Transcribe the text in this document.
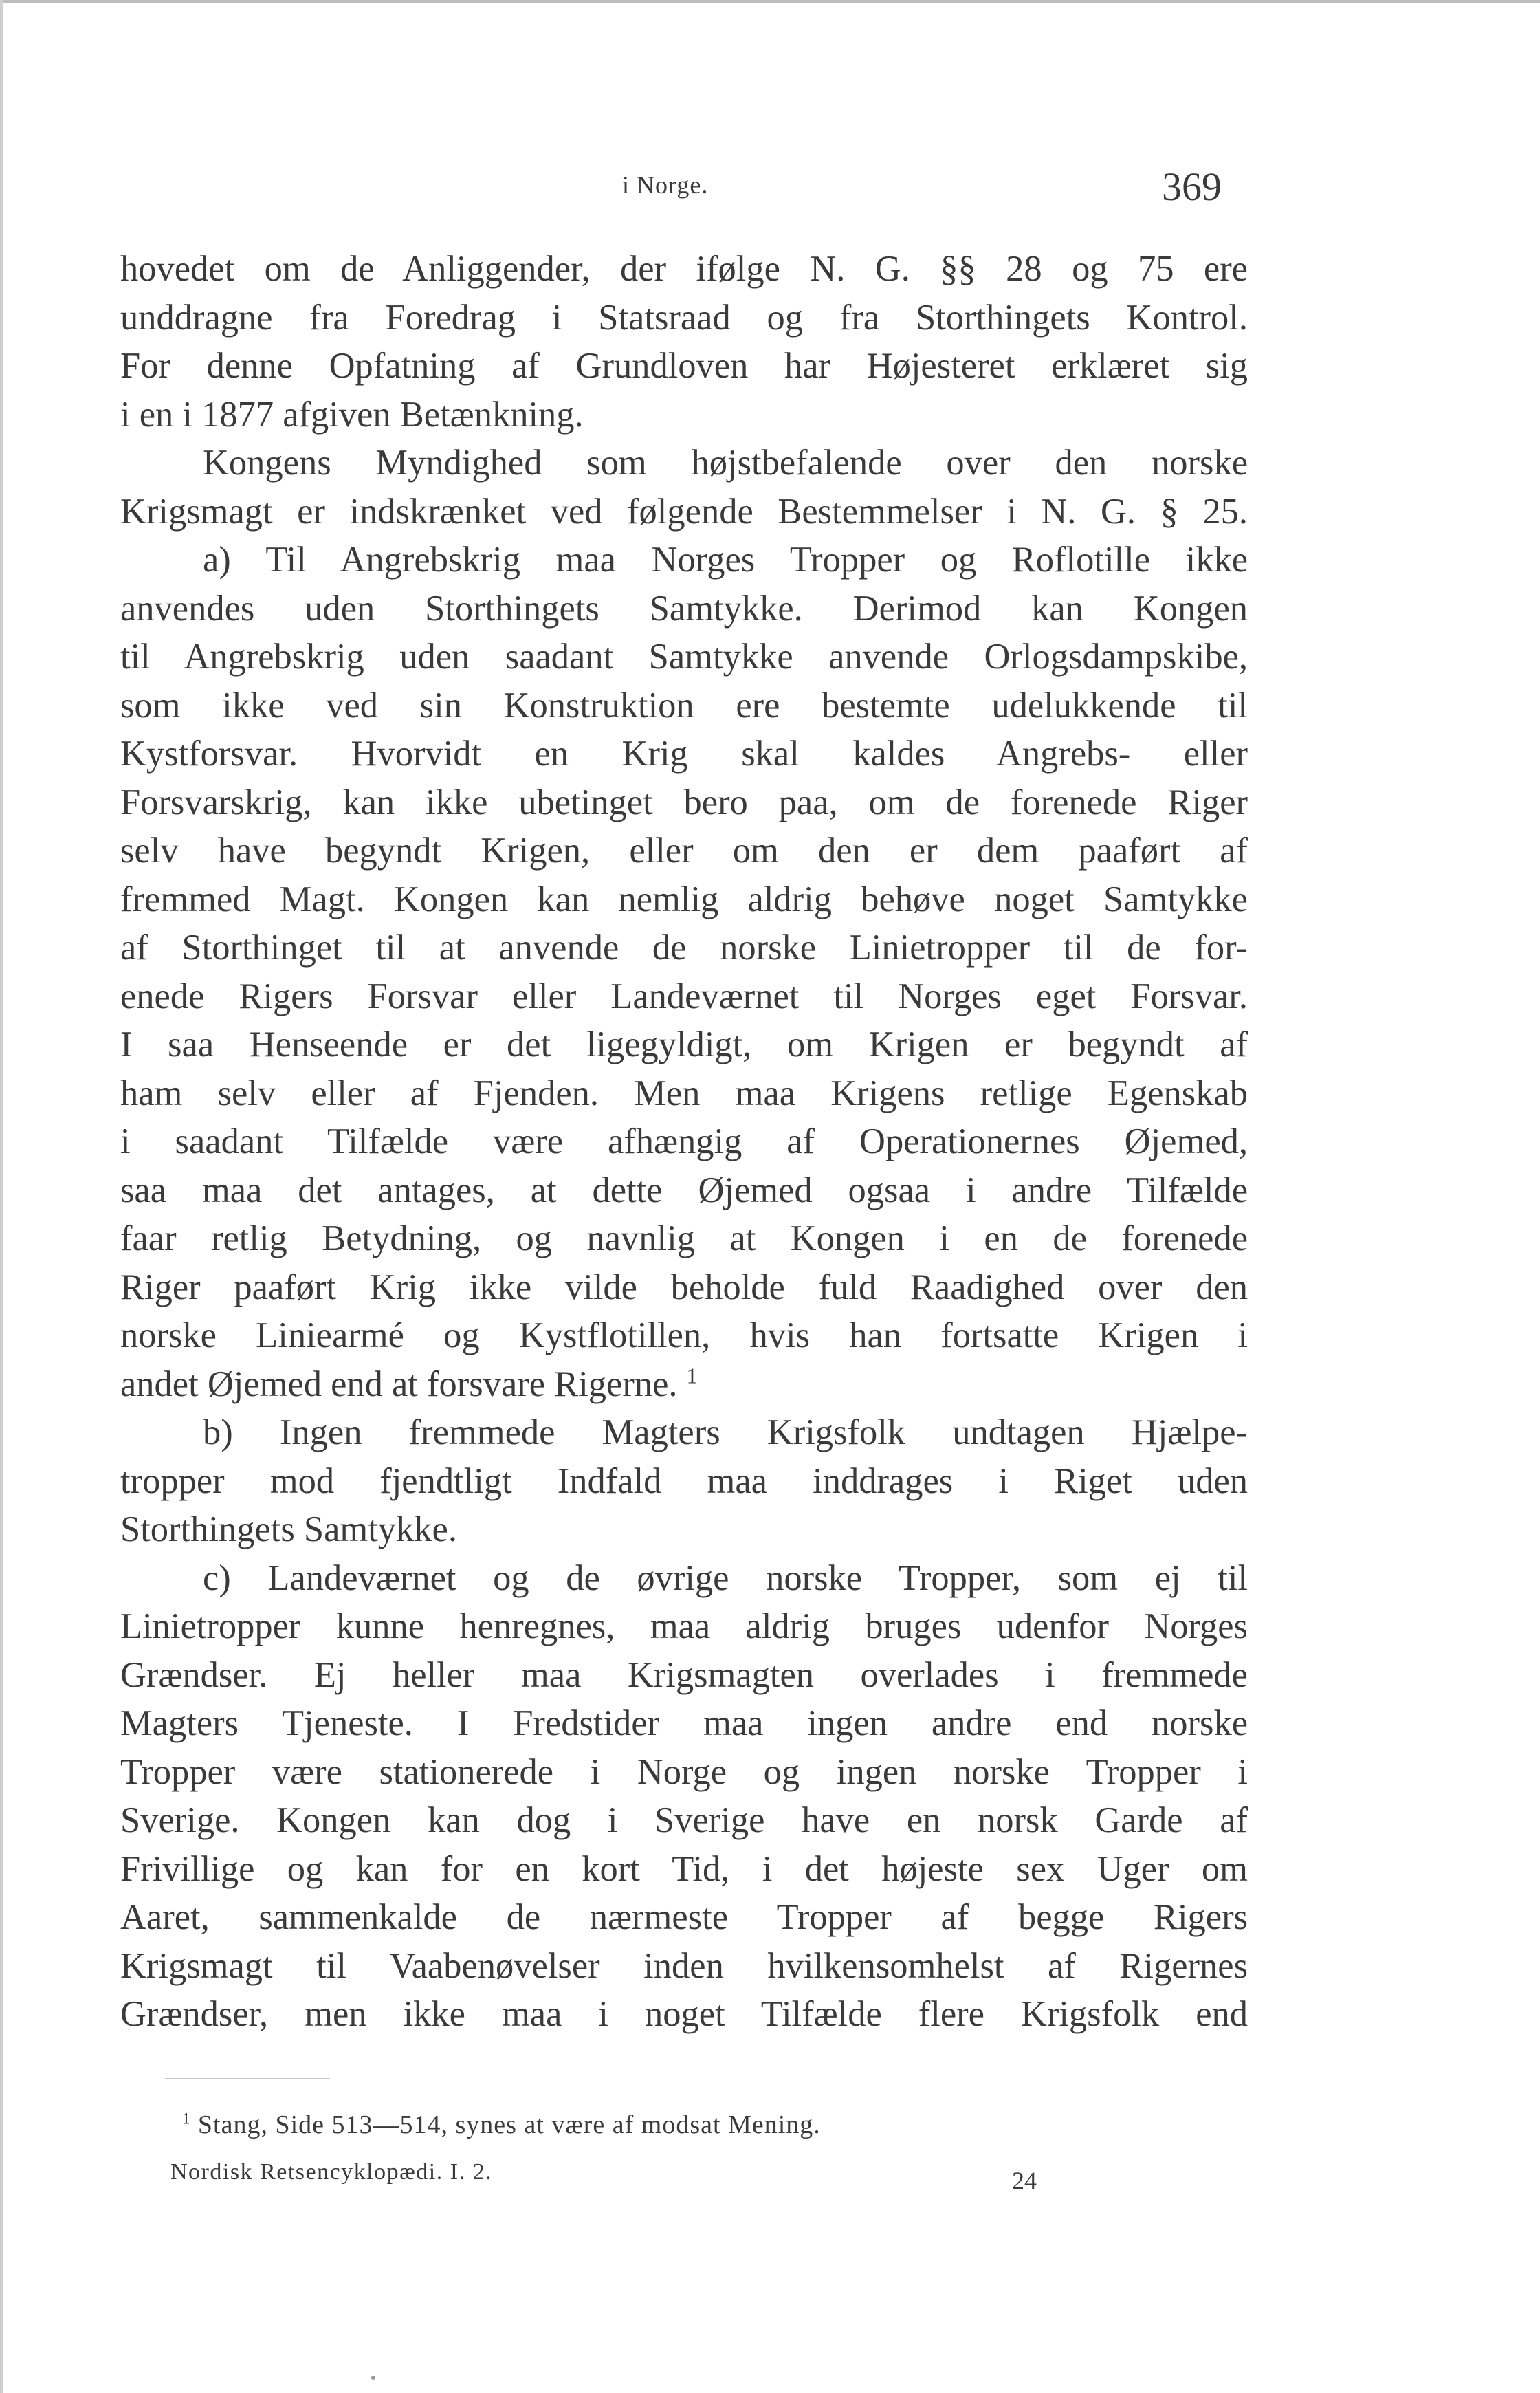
i Norge.	369
hovedet om de Anliggender, der ifølge N. G. §§ 28 og 75 ere
unddragne fra Foredrag i Statsraad og fra Storthingets Kontrol.
For denne Opfatning af Grundloven har Højesteret erklæret sig
i en i 1877 afgiven Betænkning.
Kongens Myndighed som højstbefalende over den norske
Krigsmagt er indskrænket ved følgende Bestemmelser i N. G. § 25.
a) Til Angrebskrig maa Norges Tropper og Roflotille ikke
anvendes uden Storthingets Samtykke. Derimod kan Kongen
til Angrebskrig uden saadant Samtykke anvende Orlogsdampskibe,
som ikke ved sin Konstruktion ere bestemte udelukkende til
Kystforsvar. Hvorvidt en Krig skal kaldes Angrebs- eller
Forsvarskrig, kan ikke ubetinget bero paa, om de forenede Riger
selv have begyndt Krigen, eller om den er dem paaført af
fremmed Magt. Kongen kan nemlig aldrig behøve noget Samtykke
af Storthinget til at anvende de norske Linietropper til de for-
enede Rigers Forsvar eller Landeværnet til Norges eget Forsvar.
I saa Henseende er det ligegyldigt, om Krigen er begyndt af
ham selv eller af Fjenden. Men maa Krigens retlige Egenskab
i saadant Tilfælde være afhængig af Operationernes Øjemed,
saa maa det antages, at dette Øjemed ogsaa i andre Tilfælde
faar retlig Betydning, og navnlig at Kongen i en de forenede
Riger paaført Krig ikke vilde beholde fuld Raadighed over den
norske Liniearmé og Kystflotillen, hvis han fortsatte Krigen i
andet Øjemed end at forsvare Rigerne. $^1$
b) Ingen fremmede Magters Krigsfolk undtagen Hjælpe-
tropper mod fjendtligt Indfald maa inddrages i Riget uden
Storthingets Samtykke.
c) Landeværnet og de øvrige norske Tropper, som ej til
Linietropper kunne henregnes, maa aldrig bruges udenfor Norges
Grændser. Ej heller maa Krigsmagten overlades i fremmede
Magters Tjeneste. I Fredstider maa ingen andre end norske
Tropper være stationerede i Norge og ingen norske Tropper i
Sverige. Kongen kan dog i Sverige have en norsk Garde af
Frivillige og kan for en kort Tid, i det højeste sex Uger om
Aaret, sammenkalde de nærmeste Tropper af begge Rigers
Krigsmagt til Vaabenøvelser inden hvilkensomhelst af Rigernes
Grændser, men ikke maa i noget Tilfælde flere Krigsfolk end
$^1$ Stang, Side 513—514, synes at være af modsat Mening.
Nordisk Retsencyklopædi. I. 2.	24
